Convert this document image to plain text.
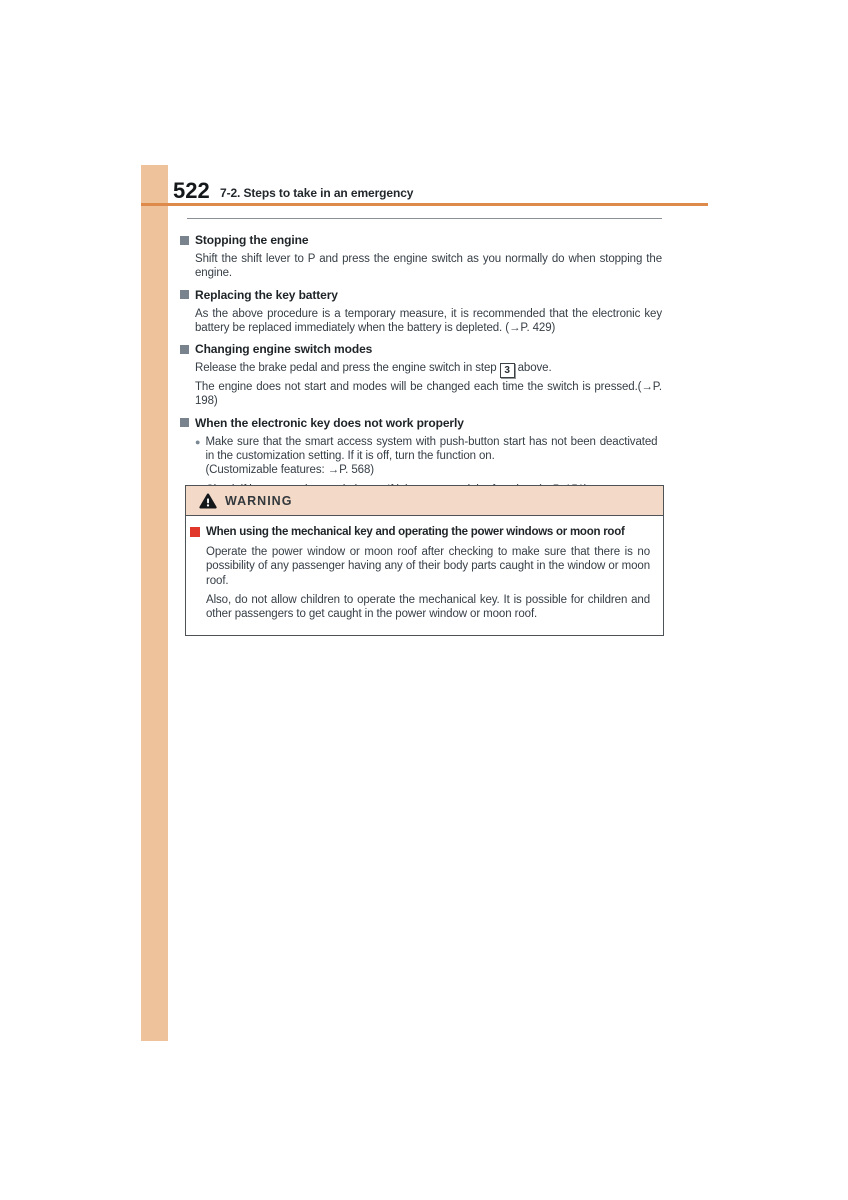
522 7-2. Steps to take in an emergency
Stopping the engine

Shift the shift lever to P and press the engine switch as you normally do when stopping the engine.

Replacing the key battery

As the above procedure is a temporary measure, it is recommended that the electronic key battery be replaced immediately when the battery is depleted. (→P. 429)

Changing engine switch modes

Release the brake pedal and press the engine switch in step 3 above.

The engine does not start and modes will be changed each time the switch is pressed.(→P. 198)

When the electronic key does not work properly
● Make sure that the smart access system with push-button start has not been deactivated in the customization setting. If it is off, turn the function on.
(Customizable features: →P. 568)
WARNING
When using the mechanical key and operating the power windows or moon roof

Operate the power window or moon roof after checking to make sure that there is no possibility of any passenger having any of their body parts caught in the window or moon roof.

Also, do not allow children to operate the mechanical key. It is possible for children and other passengers to get caught in the power window or moon roof.
